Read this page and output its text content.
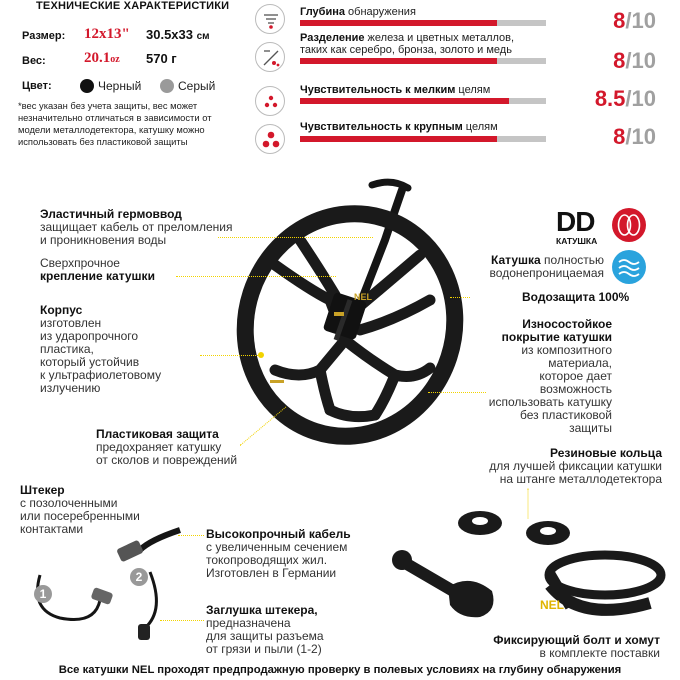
ТЕХНИЧЕСКИЕ ХАРАКТЕРИСТИКИ
Размер: 12x13" 30.5x33 см
Вес:	20.1oz 570 г
Цвет:	Черный	Серый
*вес указан без учета защиты, вес может незначительно отличаться в зависимости от модели металлодетектора, катушку можно использовать без пластиковой защиты
Глубина обнаружения	8/10
Разделение железа и цветных металлов,
таких как серебро, бронза, золото и медь	8/10
Чувствительность к мелким целям	8.5/10
Чувствительность к крупным целям	8/10
NEL
DD
КАТУШКА
Эластичный гермоввод
защищает кабель от преломления
и проникновения воды
Сверхпрочное
крепление катушки
Корпус
изготовлен
из ударопрочного
пластика,
который устойчив
к ультрафиолетовому
излучению
Пластиковая защита
предохраняет катушку
от сколов и повреждений
Катушка полностью
водонепроницаемая
Водозащита 100%
Износостойкое
покрытие катушки
из композитного
материала,
которое дает
возможность
использовать катушку
без пластиковой
защиты
Резиновые кольца
для лучшей фиксации катушки
на штанге металлодетектора
Штекер
с позолоченными
или посеребренными
контактами
1
2
Высокопрочный кабель
с увеличенным сечением
токопроводящих жил.
Изготовлен в Германии
Заглушка штекера,
предназначена
для защиты разъема
от грязи и пыли (1-2)
NEL
Фиксирующий болт и хомут
в комплекте поставки
Все катушки NEL проходят предпродажную проверку в полевых условиях на глубину обнаружения
